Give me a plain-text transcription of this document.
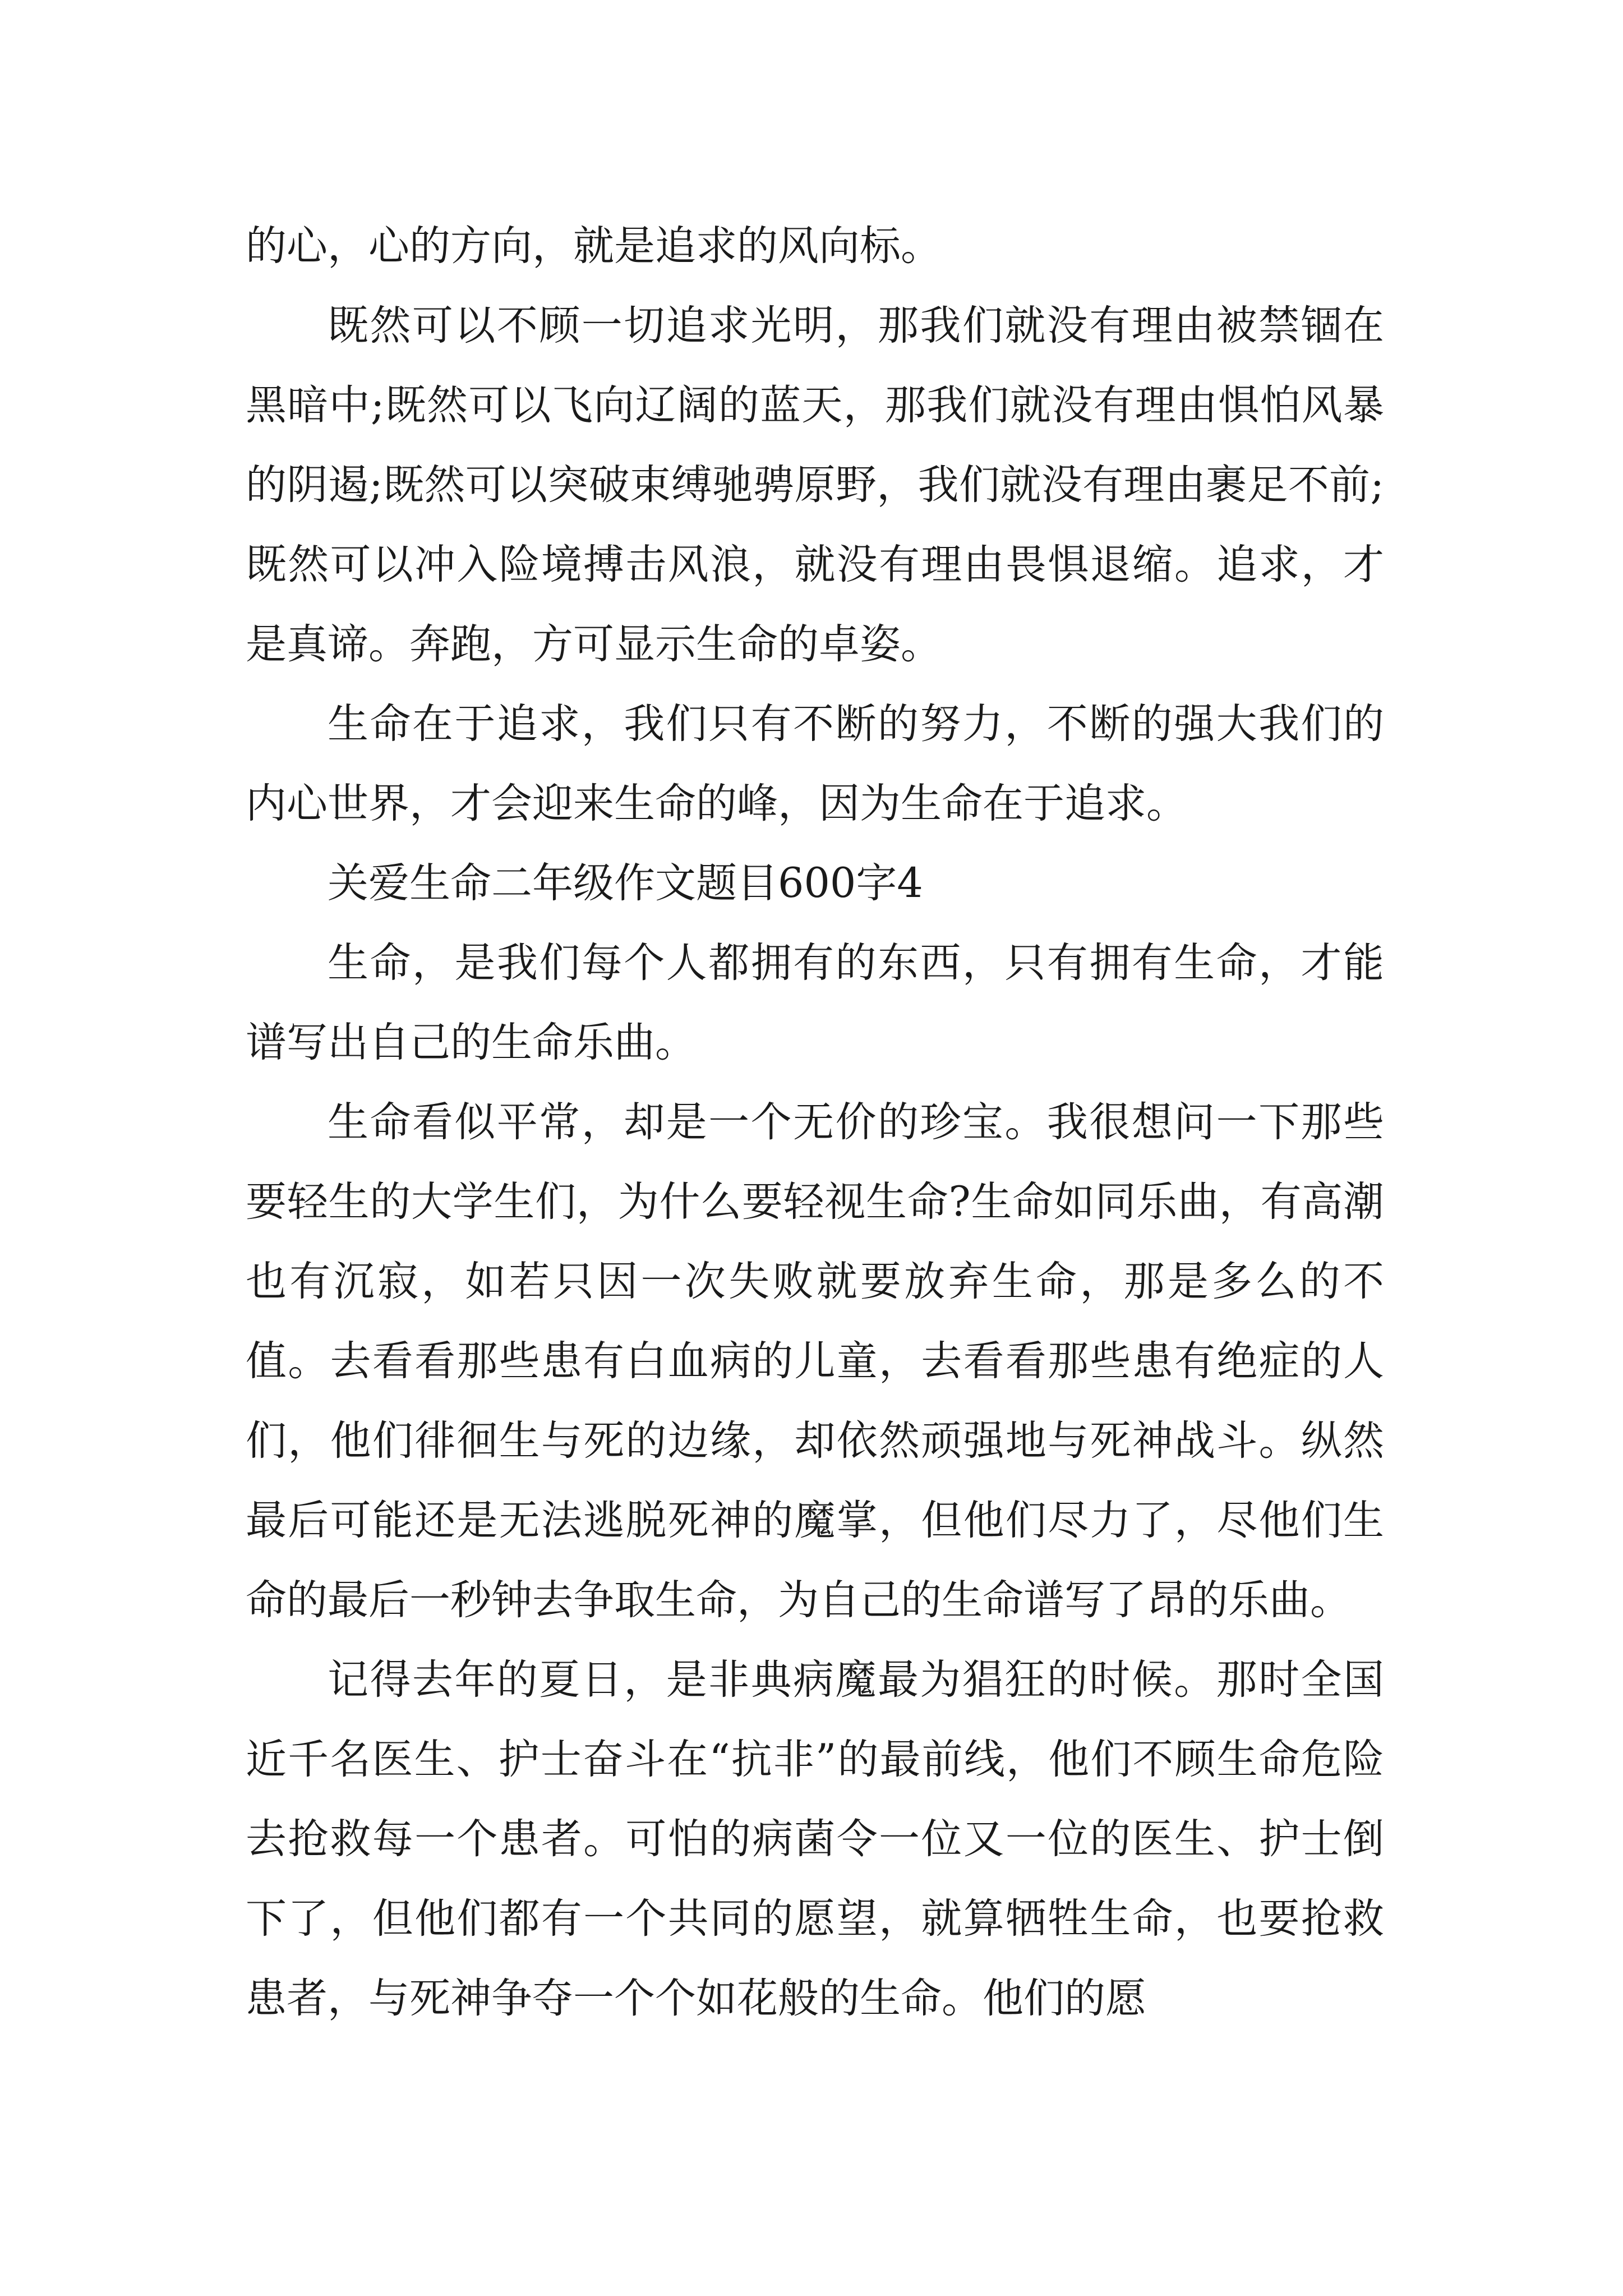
的心，心的方向，就是追求的风向标。

既然可以不顾一切追求光明，那我们就没有理由被禁锢在黑暗中;既然可以飞向辽阔的蓝天，那我们就没有理由惧怕风暴的阴遏;既然可以突破束缚驰骋原野，我们就没有理由裹足不前;既然可以冲入险境搏击风浪，就没有理由畏惧退缩。追求，才是真谛。奔跑，方可显示生命的卓姿。

生命在于追求，我们只有不断的努力，不断的强大我们的内心世界，才会迎来生命的峰，因为生命在于追求。

关爱生命二年级作文题目600字4

生命，是我们每个人都拥有的东西，只有拥有生命，才能谱写出自己的生命乐曲。

生命看似平常，却是一个无价的珍宝。我很想问一下那些要轻生的大学生们，为什么要轻视生命?生命如同乐曲，有高潮也有沉寂，如若只因一次失败就要放弃生命，那是多么的不值。去看看那些患有白血病的儿童，去看看那些患有绝症的人们，他们徘徊生与死的边缘，却依然顽强地与死神战斗。纵然最后可能还是无法逃脱死神的魔掌，但他们尽力了，尽他们生命的最后一秒钟去争取生命，为自己的生命谱写了昂的乐曲。

记得去年的夏日，是非典病魔最为猖狂的时候。那时全国近千名医生、护士奋斗在“抗非”的最前线，他们不顾生命危险去抢救每一个患者。可怕的病菌令一位又一位的医生、护士倒下了，但他们都有一个共同的愿望，就算牺牲生命，也要抢救患者，与死神争夺一个个如花般的生命。他们的愿
